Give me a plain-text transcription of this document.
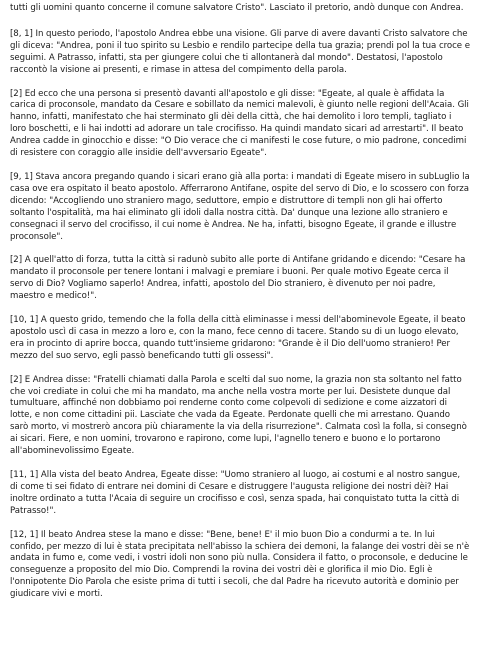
tutti gli uomini quanto concerne il comune salvatore Cristo". Lasciato il pretorio, andò dunque con Andrea.

[8, 1] In questo periodo, l'apostolo Andrea ebbe una visione. Gli parve di avere davanti Cristo salvatore che gli diceva: "Andrea, poni il tuo spirito su Lesbio e rendilo partecipe della tua grazia; prendi pol la tua croce e seguimi. A Patrasso, infatti, sta per giungere colui che ti allontanerà dal mondo". Destatosi, l'apostolo raccontò la visione ai presenti, e rimase in attesa del compimento della parola.

[2] Ed ecco che una persona si presentò davanti all'apostolo e gli disse: "Egeate, al quale è affidata la carica di proconsole, mandato da Cesare e sobillato da nemici malevoli, è giunto nelle regioni dell'Acaia. Gli hanno, infatti, manifestato che hai sterminato gli dèi della città, che hai demolito i loro templi, tagliato i loro boschetti, e li hai indotti ad adorare un tale crocifisso. Ha quindi mandato sicari ad arrestarti". Il beato Andrea cadde in ginocchio e disse: "O Dio verace che ci manifesti le cose future, o mio padrone, concedimi di resistere con coraggio alle insidie dell'avversario Egeate".

[9, 1] Stava ancora pregando quando i sicari erano già alla porta: i mandati di Egeate misero in subLuglio la casa ove era ospitato il beato apostolo. Afferrarono Antifane, ospite del servo di Dio, e lo scossero con forza dicendo: "Accogliendo uno straniero mago, seduttore, empio e distruttore di templi non gli hai offerto soltanto l'ospitalità, ma hai eliminato gli idoli dalla nostra città. Da' dunque una lezione allo straniero e consegnaci il servo del crocifisso, il cui nome è Andrea. Ne ha, infatti, bisogno Egeate, il grande e illustre proconsole".

[2] A quell'atto di forza, tutta la città si radunò subito alle porte di Antifane gridando e dicendo: "Cesare ha mandato il proconsole per tenere lontani i malvagi e premiare i buoni. Per quale motivo Egeate cerca il servo di Dio? Vogliamo saperlo! Andrea, infatti, apostolo del Dio straniero, è divenuto per noi padre, maestro e medico!".

[10, 1] A questo grido, temendo che la folla della città eliminasse i messi dell'abominevole Egeate, il beato apostolo uscì di casa in mezzo a loro e, con la mano, fece cenno di tacere. Stando su di un luogo elevato, era in procinto di aprire bocca, quando tutt'insieme gridarono: "Grande è il Dio dell'uomo straniero! Per mezzo del suo servo, egli passò beneficando tutti gli ossessi".

[2] E Andrea disse: "Fratelli chiamati dalla Parola e scelti dal suo nome, la grazia non sta soltanto nel fatto che voi crediate in colui che mi ha mandato, ma anche nella vostra morte per lui. Desistete dunque dal tumultuare, affinché non dobbiamo poi renderne conto come colpevoli di sedizione e come aizzatori di lotte, e non come cittadini pii. Lasciate che vada da Egeate. Perdonate quelli che mi arrestano. Quando sarò morto, vi mostrerò ancora più chiaramente la via della risurrezione". Calmata così la folla, si consegnò ai sicari. Fiere, e non uomini, trovarono e rapirono, come lupi, l'agnello tenero e buono e lo portarono all'abominevolissimo Egeate.

[11, 1] Alla vista del beato Andrea, Egeate disse: "Uomo straniero al luogo, ai costumi e al nostro sangue, di come ti sei fidato di entrare nei domini di Cesare e distruggere l'augusta religione dei nostri dèi? Hai inoltre ordinato a tutta l'Acaia di seguire un crocifisso e così, senza spada, hai conquistato tutta la città di Patrasso!".

[12, 1] Il beato Andrea stese la mano e disse: "Bene, bene! E' il mio buon Dio a condurmi a te. In lui confido, per mezzo di lui è stata precipitata nell'abisso la schiera dei demoni, la falange dei vostri dèi se n'è andata in fumo e, come vedi, i vostri idoli non sono più nulla. Considera il fatto, o proconsole, e deducine le conseguenze a proposito del mio Dio. Comprendi la rovina dei vostri dèi e glorifica il mio Dio. Egli è l'onnipotente Dio Parola che esiste prima di tutti i secoli, che dal Padre ha ricevuto autorità e dominio per giudicare vivi e morti.
